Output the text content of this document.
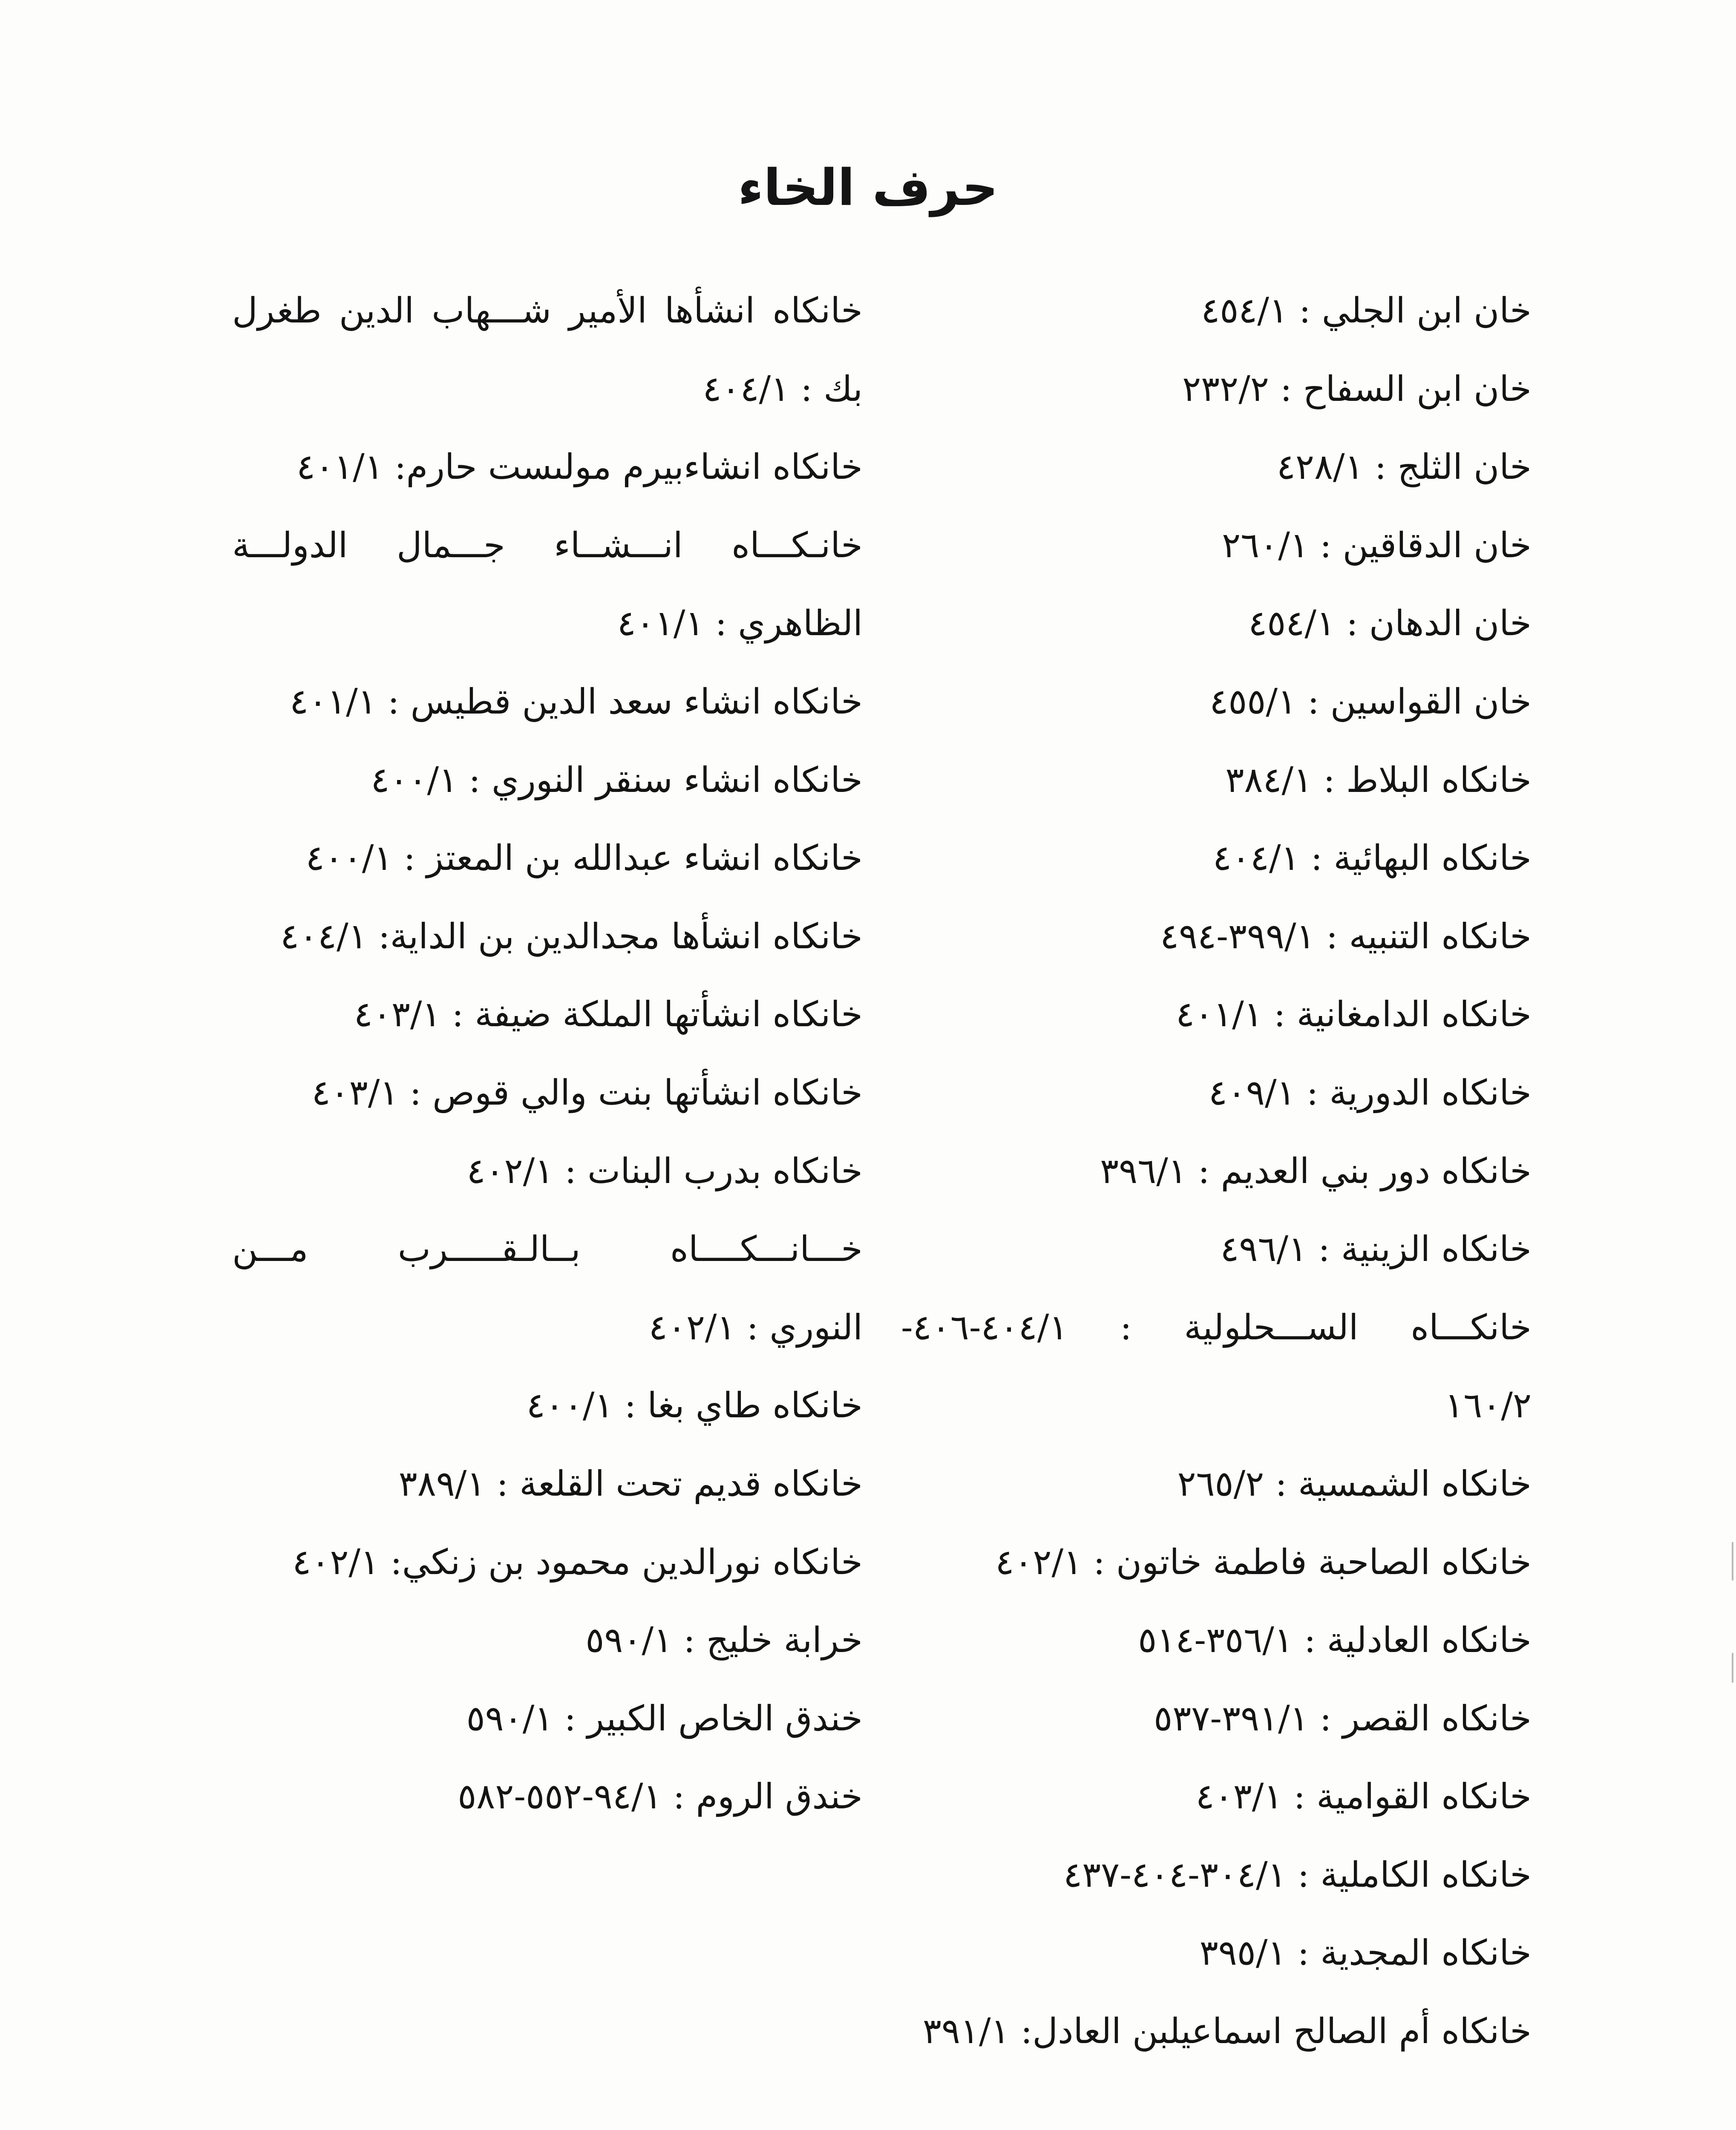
حرف الخاء

خان ابن الجلي : ٤٥٤/١

خان ابن السفاح : ٢٣٢/٢

خان الثلج : ٤٢٨/١

خان الدقاقين : ٢٦٠/١

خان الدهان : ٤٥٤/١

خان القواسين : ٤٥٥/١

خانكاه البلاط : ٣٨٤/١

خانكاه البهائية : ٤٠٤/١

خانكاه التنبيه : ٣٩٩/١-٤٩٤

خانكاه الدامغانية : ٤٠١/١

خانكاه الدورية : ٤٠٩/١

خانكاه دور بني العديم : ٣٩٦/١

خانكاه الزينية : ٤٩٦/١

خانكـــاه الســـحلولية : ٤٠٤/١-٤٠٦-

١٦٠/٢

خانكاه الشمسية : ٢٦٥/٢

خانكاه الصاحبة فاطمة خاتون : ٤٠٢/١

خانكاه العادلية : ٣٥٦/١-٥١٤

خانكاه القصر : ٣٩١/١-٥٣٧

خانكاه القوامية : ٤٠٣/١

خانكاه الكاملية : ٣٠٤/١-٤٠٤-٤٣٧

خانكاه المجدية : ٣٩٥/١

خانكاه أم الصالح اسماعيلبن العادل: ٣٩١/١

خانكاه انشأها الأمير شـــهاب الدين طغرل

بك : ٤٠٤/١

خانكاه انشاءبيرم مولىست حارم: ٤٠١/١

خانـكـــاه انـــشــاء جـــمال الدولـــة

الظاهري : ٤٠١/١

خانكاه انشاء سعد الدين قطيس : ٤٠١/١

خانكاه انشاء سنقر النوري : ٤٠٠/١

خانكاه انشاء عبدالله بن المعتز : ٤٠٠/١

خانكاه انشأها مجدالدين بن الداية: ٤٠٤/١

خانكاه انشأتها الملكة ضيفة : ٤٠٣/١

خانكاه انشأتها بنت والي قوص : ٤٠٣/١

خانكاه بدرب البنات : ٤٠٢/١

خـــانـــكــــاه بــالـقـــــرب مـــن

النوري : ٤٠٢/١

خانكاه طاي بغا : ٤٠٠/١

خانكاه قديم تحت القلعة : ٣٨٩/١

خانكاه نورالدين محمود بن زنكي: ٤٠٢/١

خرابة خليج : ٥٩٠/١

خندق الخاص الكبير : ٥٩٠/١

خندق الروم : ٩٤/١-٥٥٢-٥٨٢
